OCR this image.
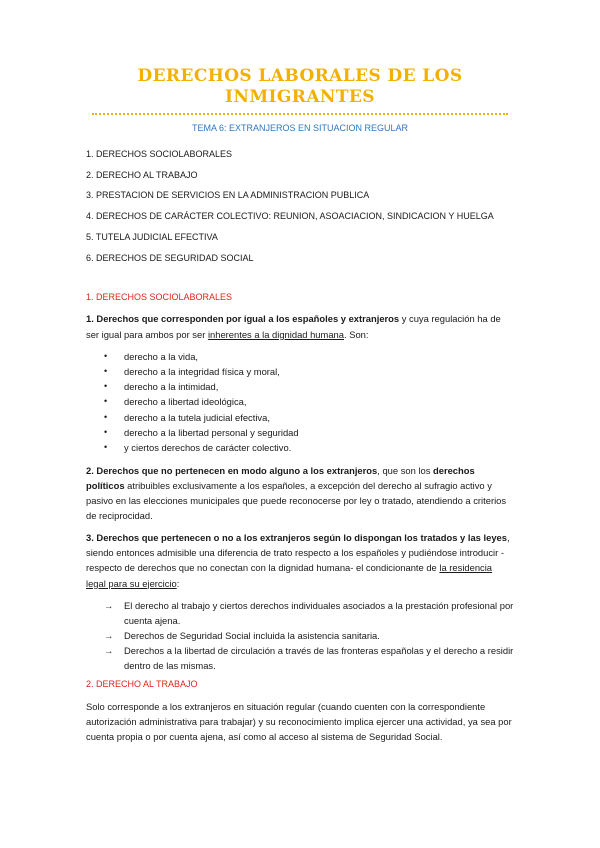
DERECHOS LABORALES DE LOS INMIGRANTES
TEMA 6: EXTRANJEROS EN SITUACION REGULAR
1. DERECHOS SOCIOLABORALES
2. DERECHO AL TRABAJO
3. PRESTACION DE SERVICIOS EN LA ADMINISTRACION PUBLICA
4. DERECHOS DE CARÁCTER COLECTIVO: REUNION, ASOACIACION, SINDICACION Y HUELGA
5. TUTELA JUDICIAL EFECTIVA
6. DERECHOS DE SEGURIDAD SOCIAL
1. DERECHOS SOCIOLABORALES

1. Derechos que corresponden por igual a los españoles y extranjeros y cuya regulación ha de ser igual para ambos por ser inherentes a la dignidad humana. Son:

• derecho a la vida,
• derecho a la integridad física y moral,
• derecho a la intimidad,
• derecho a libertad ideológica,
• derecho a la tutela judicial efectiva,
• derecho a la libertad personal y seguridad
• y ciertos derechos de carácter colectivo.

2. Derechos que no pertenecen en modo alguno a los extranjeros, que son los derechos políticos atribuibles exclusivamente a los españoles, a excepción del derecho al sufragio activo y pasivo en las elecciones municipales que puede reconocerse por ley o tratado, atendiendo a criterios de reciprocidad.

3. Derechos que pertenecen o no a los extranjeros según lo dispongan los tratados y las leyes, siendo entonces admisible una diferencia de trato respecto a los españoles y pudiéndose introducir -respecto de derechos que no conectan con la dignidad humana- el condicionante de la residencia legal para su ejercicio:

→ El derecho al trabajo y ciertos derechos individuales asociados a la prestación profesional por cuenta ajena.
→ Derechos de Seguridad Social incluida la asistencia sanitaria.
→ Derechos a la libertad de circulación a través de las fronteras españolas y el derecho a residir dentro de las mismas.
2. DERECHO AL TRABAJO

Solo corresponde a los extranjeros en situación regular (cuando cuenten con la correspondiente autorización administrativa para trabajar) y su reconocimiento implica ejercer una actividad, ya sea por cuenta propia o por cuenta ajena, así como al acceso al sistema de Seguridad Social.
